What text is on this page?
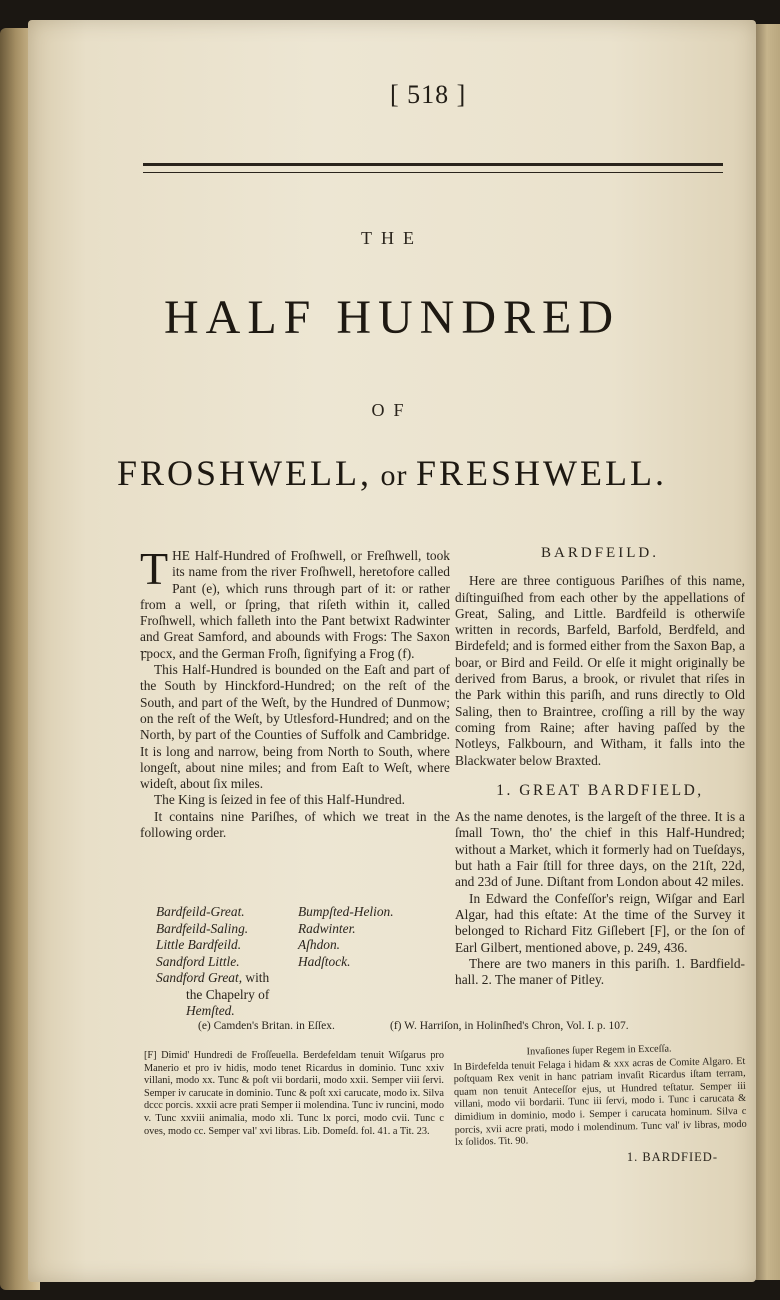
[ 518 ]
THE
HALF HUNDRED
OF
FROSHWELL, or FRESHWELL.

THE Half-Hundred of Froſhwell, or Freſhwell, took its name from the river Froſhwell, heretofore called Pant (e), which runs through part of it: or rather from a well, or ſpring, that riſeth within it, called Froſhwell, which falleth into the Pant betwixt Radwinter and Great Samford, and abounds with Frogs: The Saxon ꝼpocx, and the German Froſh, ſignifying a Frog (f).

This Half-Hundred is bounded on the Eaſt and part of the South by Hinckford-Hundred; on the reſt of the South, and part of the Weſt, by the Hundred of Dunmow; on the reſt of the Weſt, by Utlesford-Hundred; and on the North, by part of the Counties of Suffolk and Cambridge. It is long and narrow, being from North to South, where longeſt, about nine miles; and from Eaſt to Weſt, where wideſt, about ſix miles.

The King is ſeized in fee of this Half-Hundred.

It contains nine Pariſhes, of which we treat in the following order.

Bardfeild-Great.
Bardfeild-Saling.
Little Bardfeild.
Sandford Little.
Sandford Great, with
the Chapelry of
Hemſted.
Bumpſted-Helion.
Radwinter.
Aſhdon.
Hadſtock.
BARDFEILD.

Here are three contiguous Pariſhes of this name, diſtinguiſhed from each other by the appellations of Great, Saling, and Little. Bardfeild is otherwiſe written in records, Barfeld, Barfold, Berdfeld, and Birdefeld; and is formed either from the Saxon Bap, a boar, or Bird and Feild. Or elſe it might originally be derived from Barus, a brook, or rivulet that riſes in the Park within this pariſh, and runs directly to Old Saling, then to Braintree, croſſing a rill by the way coming from Raine; after having paſſed by the Notleys, Falkbourn, and Witham, it falls into the Blackwater below Braxted.

1. GREAT BARDFIELD,

As the name denotes, is the largeſt of the three. It is a ſmall Town, tho' the chief in this Half-Hundred; without a Market, which it formerly had on Tueſdays, but hath a Fair ſtill for three days, on the 21ſt, 22d, and 23d of June. Diſtant from London about 42 miles.

In Edward the Confeſſor's reign, Wiſgar and Earl Algar, had this eſtate: At the time of the Survey it belonged to Richard Fitz Giſlebert [F], or the ſon of Earl Gilbert, mentioned above, p. 249, 436.

There are two maners in this pariſh. 1. Bardfield-hall. 2. The maner of Pitley.

(e) Camden's Britan. in Eſſex.	(f) W. Harriſon, in Holinſhed's Chron, Vol. I. p. 107.

[F] Dimid' Hundredi de Froſſeuella. Berdefeldam tenuit Wiſgarus pro Manerio et pro iv hidis, modo tenet Ricardus in dominio. Tunc xxiv villani, modo xx. Tunc & poſt vii bordarii, modo xxii. Semper viii ſervi. Semper iv carucate in dominio. Tunc & poſt xxi carucate, modo ix. Silva dccc porcis. xxxii acre prati Semper ii molendina. Tunc iv runcini, modo v. Tunc xxviii animalia, modo xli. Tunc lx porci, modo cvii. Tunc c oves, modo cc. Semper val' xvi libras. Lib. Domeſd. fol. 41. a Tit. 23.

Invaſiones ſuper Regem in Exceſſa.

In Birdefelda tenuit Felaga i hidam & xxx acras de Comite Algaro. Et poſtquam Rex venit in hanc patriam invaſit Ricardus iſtam terram, quam non tenuit Anteceſſor ejus, ut Hundred teſtatur. Semper iii villani, modo vii bordarii. Tunc iii ſervi, modo i. Tunc i carucata & dimidium in dominio, modo i. Semper i carucata hominum. Silva c porcis, xvii acre prati, modo i molendinum. Tunc val' iv libras, modo lx ſolidos. Tit. 90.

1. BARDFIED-
